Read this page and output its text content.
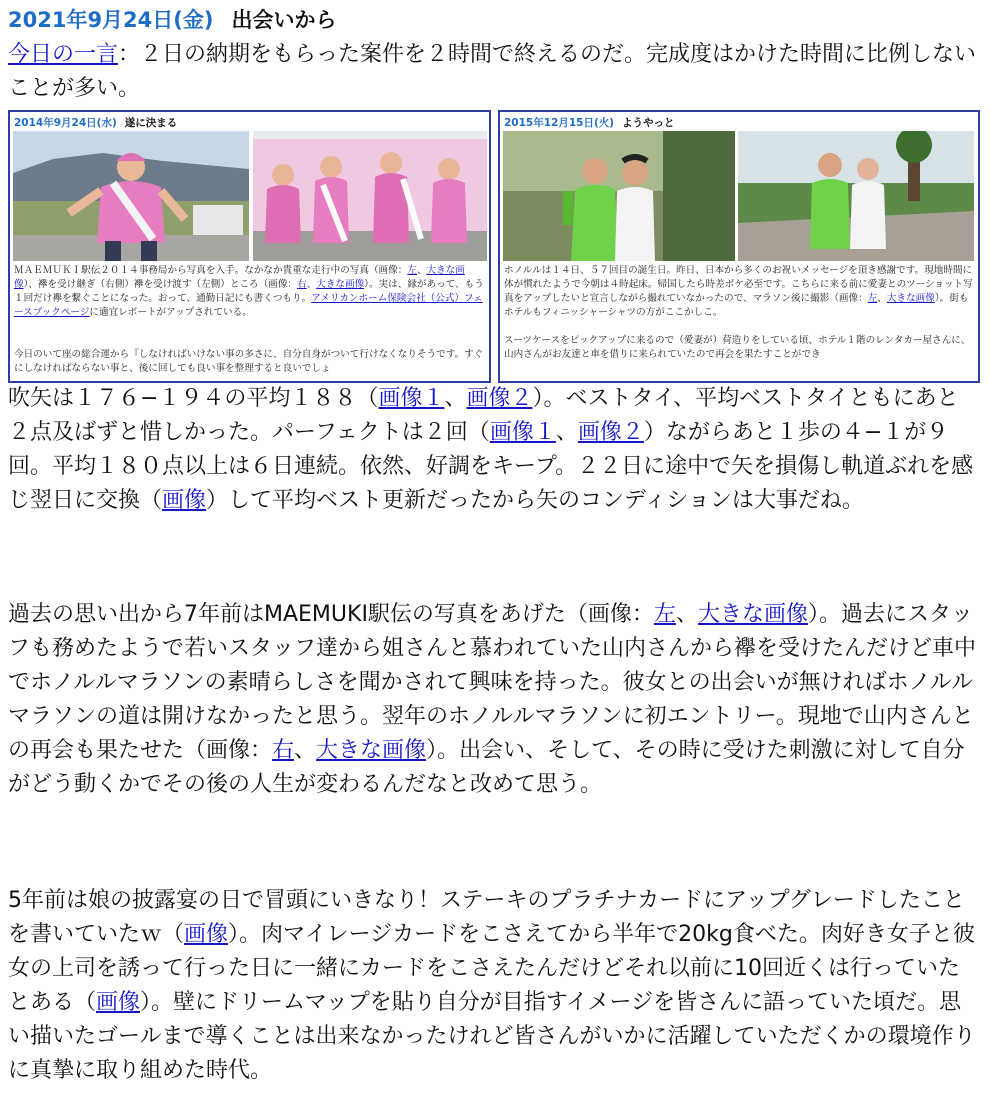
2021年9月24日(金) 出会いから
今日の一言：２日の納期をもらった案件を２時間で終えるのだ。完成度はかけた時間に比例しないことが多い。
2014年9月24日(水) 遂に決まる
ＭＡＥＭＵＫＩ駅伝２０１４事務局から写真を入手。なかなか貴重な走行中の写真（画像：左、大きな画像）、襷を受け継ぎ（右側）襷を受け渡す（左側）ところ（画像：右、大きな画像）。実は、縁があって、もう１回だけ襷を繋ぐことになった。おって、通勤日記にも書くつもり。アメリカンホーム保険会社（公式）フェースブックページに適宜レポートがアップされている。
今日のいて座の総合運から『しなければいけない事の多さに、自分自身がついて行けなくなりそうです。すぐにしなければならない事と、後に回しても良い事を整理すると良いでしょ
2015年12月15日(火) ようやっと
ホノルルは１４日、５７回目の誕生日。昨日、日本から多くのお祝いメッセージを頂き感謝です。現地時間に体が慣れたようで今朝は４時起床。帰国したら時差ボケ必至です。こちらに来る前に愛妻とのツーショット写真をアップしたいと宣言しながら撮れていなかったので、マラソン後に撮影（画像：左、大きな画像）。街もホテルもフィニッシャーシャツの方がここかしこ。
スーツケースをピックアップに来るので（愛妻が）荷造りをしている頃、ホテル１階のレンタカー屋さんに、山内さんがお友達と車を借りに来られていたので再会を果たすことができ
吹矢は１７６−１９４の平均１８８（画像１、画像２）。ベストタイ、平均ベストタイともにあと２点及ばずと惜しかった。パーフェクトは２回（画像１、画像２）ながらあと１歩の４−１が９回。平均１８０点以上は６日連続。依然、好調をキープ。２２日に途中で矢を損傷し軌道ぶれを感じ翌日に交換（画像）して平均ベスト更新だったから矢のコンディションは大事だね。
過去の思い出から7年前はMAEMUKI駅伝の写真をあげた（画像：左、大きな画像）。過去にスタッフも務めたようで若いスタッフ達から姐さんと慕われていた山内さんから襷を受けたんだけど車中でホノルルマラソンの素晴らしさを聞かされて興味を持った。彼女との出会いが無ければホノルルマラソンの道は開けなかったと思う。翌年のホノルルマラソンに初エントリー。現地で山内さんとの再会も果たせた（画像：右、大きな画像）。出会い、そして、その時に受けた刺激に対して自分がどう動くかでその後の人生が変わるんだなと改めて思う。
5年前は娘の披露宴の日で冒頭にいきなり！ステーキのプラチナカードにアップグレードしたことを書いていたｗ（画像）。肉マイレージカードをこさえてから半年で20kg食べた。肉好き女子と彼女の上司を誘って行った日に一緒にカードをこさえたんだけどそれ以前に10回近くは行っていたとある（画像）。壁にドリームマップを貼り自分が目指すイメージを皆さんに語っていた頃だ。思い描いたゴールまで導くことは出来なかったけれど皆さんがいかに活躍していただくかの環境作りに真摯に取り組めた時代。
